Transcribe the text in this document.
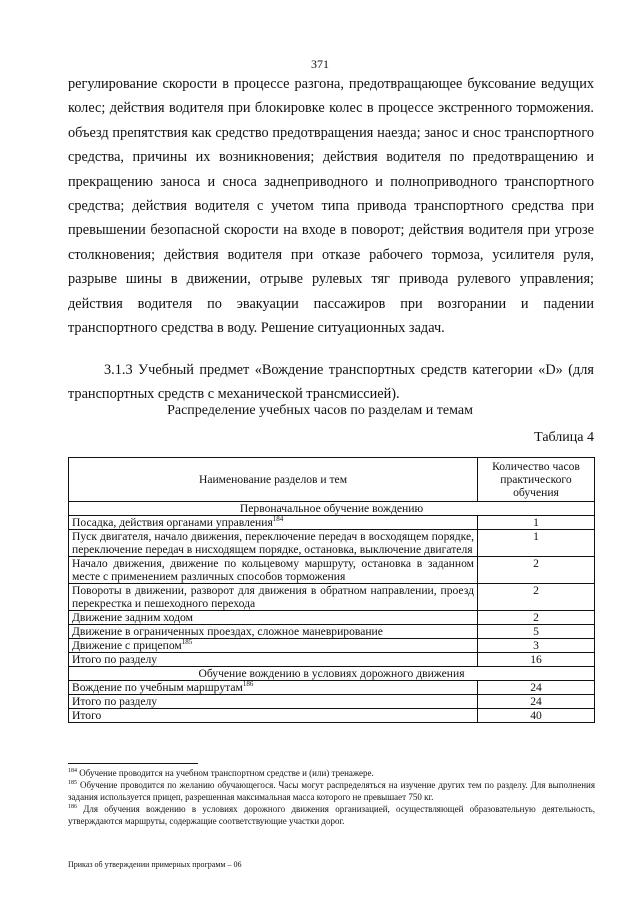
371

регулирование скорости в процессе разгона, предотвращающее буксование ведущих колес; действия водителя при блокировке колес в процессе экстренного торможения. объезд препятствия как средство предотвращения наезда; занос и снос транспортного средства, причины их возникновения; действия водителя по предотвращению и прекращению заноса и сноса заднеприводного и полноприводного транспортного средства; действия водителя с учетом типа привода транспортного средства при превышении безопасной скорости на входе в поворот; действия водителя при угрозе столкновения; действия водителя при отказе рабочего тормоза, усилителя руля, разрыве шины в движении, отрыве рулевых тяг привода рулевого управления; действия водителя по эвакуации пассажиров при возгорании и падении транспортного средства в воду. Решение ситуационных задач.

3.1.3 Учебный предмет «Вождение транспортных средств категории «D» (для транспортных средств с механической трансмиссией).

Распределение учебных часов по разделам и темам
Таблица 4
Наименование разделов и тем	Количество часов практического обучения
Первоначальное обучение вождению	
Посадка, действия органами управления$^{184}$	1
Пуск двигателя, начало движения, переключение передач в восходящем порядке, переключение передач в нисходящем порядке, остановка, выключение двигателя	1
Начало движения, движение по кольцевому маршруту, остановка в заданном месте с применением различных способов торможения	2
Повороты в движении, разворот для движения в обратном направлении, проезд перекрестка и пешеходного перехода	2
Движение задним ходом	2
Движение в ограниченных проездах, сложное маневрирование	5
Движение с прицепом$^{185}$	3
Итого по разделу	16
Обучение вождению в условиях дорожного движения	
Вождение по учебным маршрутам$^{186}$	24
Итого по разделу	24
Итого	40

$^{184}$ Обучение проводится на учебном транспортном средстве и (или) тренажере.

$^{185}$ Обучение проводится по желанию обучающегося. Часы могут распределяться на изучение других тем по разделу. Для выполнения задания используется прицеп, разрешенная максимальная масса которого не превышает 750 кг.

$^{186}$ Для обучения вождению в условиях дорожного движения организацией, осуществляющей образовательную деятельность, утверждаются маршруты, содержащие соответствующие участки дорог.

Приказ об утверждении примерных программ – 06
